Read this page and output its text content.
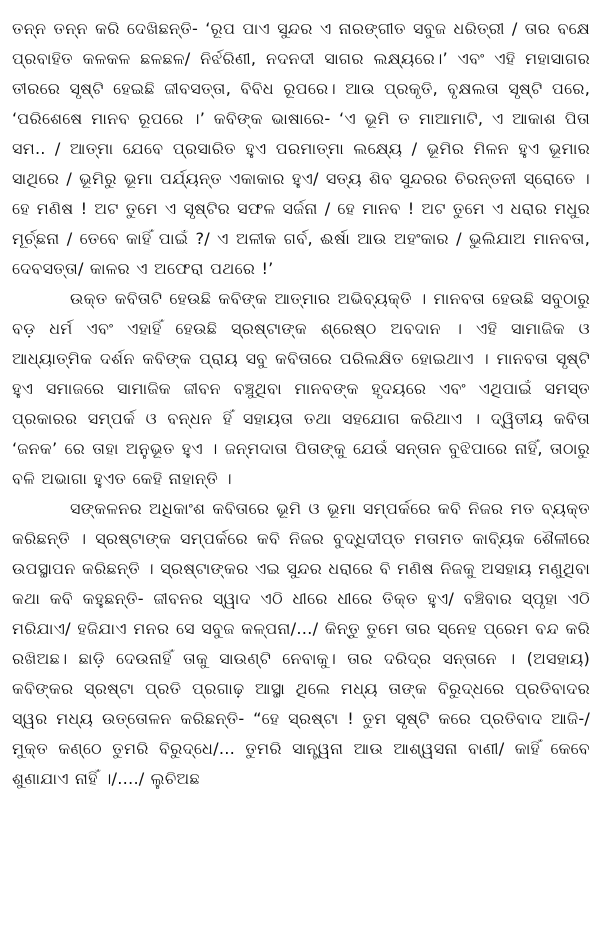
ତନ୍ନ ତନ୍ନ କରି ଦେଖିଛନ୍ତି- ‘ରୂପ ପାଏ ସୁନ୍ଦର ଏ ନାରଙ୍ଗୀତ ସବୁଜ ଧରିତ୍ରୀ / ତାର ବକ୍ଷେ ପ୍ରବାହିତ କଳକଳ ଛଳଛଳ/ ନିର୍ଝରିଣୀ, ନଦନଦୀ ସାଗର ଲକ୍ଷ୍ୟରେ।’ ଏବଂ ଏହି ମହାସାଗର ତୀରରେ ସୃଷ୍ଟି ହେଇଛି ଜୀବସତ୍ତା, ବିବିଧ ରୂପରେ। ଆଉ ପ୍ରକୃତି, ବୃକ୍ଷଲତା ସୃଷ୍ଟି ପରେ, ‘ପରିଶେଷେ ମାନବ ରୂପରେ ।’ କବିଙ୍କ ଭାଷାରେ- ‘ଏ ଭୂମି ତ ମାଆମାଟି, ଏ ଆକାଶ ପିତା ସମ.. / ଆତ୍ମା ଯେବେ ପ୍ରସାରିତ ହୁଏ ପରମାତ୍ମା ଲକ୍ଷ୍ୟେ / ଭୂମିର ମିଳନ ହୁଏ ଭୂମାର ସାଥିରେ / ଭୂମିରୁ ଭୂମା ପର୍ଯ୍ୟନ୍ତ ଏକାକାର ହୁଏ/ ସତ୍ୟ ଶିବ ସୁନ୍ଦରର ଚିରନ୍ତନୀ ସ୍ରୋତେ । ହେ ମଣିଷ ! ଅଟ ତୁମେ ଏ ସୃଷ୍ଟିର ସଫଳ ସର୍ଜନା / ହେ ମାନବ ! ଅଟ ତୁମେ ଏ ଧରାର ମଧୁର ମୂର୍ଚ୍ଛନା / ତେବେ କାହିଁ ପାଇଁ ?/ ଏ ଅଳୀକ ଗର୍ବ, ଈର୍ଷା ଆଉ ଅହଂକାର / ଭୁଲିଯାଅ ମାନବତା, ଦେବସତ୍ତା/ କାଳର ଏ ଅଫେରା ପଥରେ !’

ଉକ୍ତ କବିତାଟି ହେଉଛି କବିଙ୍କ ଆତ୍ମାର ଅଭିବ୍ୟକ୍ତି । ମାନବତା ହେଉଛି ସବୁଠାରୁ ବଡ଼ ଧର୍ମ ଏବଂ ଏହାହିଁ ହେଉଛି ସ୍ରଷ୍ଟାଙ୍କ ଶ୍ରେଷ୍ଠ ଅବଦାନ । ଏହି ସାମାଜିକ ଓ ଆଧ୍ୟାତ୍ମିକ ଦର୍ଶନ କବିଙ୍କ ପ୍ରାୟ ସବୁ କବିତାରେ ପରିଲକ୍ଷିତ ହୋଇଥାଏ । ମାନବତା ସୃଷ୍ଟି ହୁଏ ସମାଜରେ ସାମାଜିକ ଜୀବନ ବଞ୍ଚୁଥିବା ମାନବଙ୍କ ହୃଦୟରେ ଏବଂ ଏଥିପାଇଁ ସମସ୍ତ ପ୍ରକାରର ସମ୍ପର୍କ ଓ ବନ୍ଧନ ହିଁ ସହାୟତା ତଥା ସହଯୋଗ କରିଥାଏ । ଦ୍ୱିତୀୟ କବିତା ‘ଜନକ’ ରେ ତାହା ଅନୁଭୂତ ହୁଏ । ଜନ୍ମଦାତା ପିତାଙ୍କୁ ଯେଉଁ ସନ୍ତାନ ବୁଝିପାରେ ନାହିଁ, ତାଠାରୁ ବଳି ଅଭାଗା ହୁଏତ କେହି ନାହାନ୍ତି ।

ସଙ୍କଳନର ଅଧିକାଂଶ କବିତାରେ ଭୂମି ଓ ଭୂମା ସମ୍ପର୍କରେ କବି ନିଜର ମତ ବ୍ୟକ୍ତ କରିଛନ୍ତି । ସ୍ରଷ୍ଟାଙ୍କ ସମ୍ପର୍କରେ କବି ନିଜର ବୁଦ୍ଧିଦୀପ୍ତ ମତାମତ କାବ୍ୟିକ ଶୈଳୀରେ ଉପସ୍ଥାପନ କରିଛନ୍ତି । ସ୍ରଷ୍ଟାଙ୍କର ଏଇ ସୁନ୍ଦର ଧରାରେ ବି ମଣିଷ ନିଜକୁ ଅସହାୟ ମଣୁଥିବା କଥା କବି କହୁଛନ୍ତି- ଜୀବନର ସ୍ୱାଦ ଏଠି ଧୀରେ ଧୀରେ ତିକ୍ତ ହୁଏ/ ବଞ୍ଚିବାର ସ୍ପୃହା ଏଠି ମରିଯାଏ/ ହଜିଯାଏ ମନର ସେ ସବୁଜ କଳ୍ପନା/…/ କିନ୍ତୁ ତୁମେ ତାର ସ୍ନେହ ପ୍ରେମ ବନ୍ଦ କରି ରଖିଅଛ। ଛାଡ଼ି ଦେଉନାହିଁ ତାକୁ ସାଉଣ୍ଟି ନେବାକୁ। ତାର ଦରିଦ୍ର ସନ୍ତାନେ । (ଅସହାୟ) କବିଙ୍କର ସ୍ରଷ୍ଟା ପ୍ରତି ପ୍ରଗାଢ଼ ଆସ୍ଥା ଥିଲେ ମଧ୍ୟ ତାଙ୍କ ବିରୁଦ୍ଧରେ ପ୍ରତିବାଦର ସ୍ୱର ମଧ୍ୟ ଉତ୍ତୋଳନ କରିଛନ୍ତି- “ହେ ସ୍ରଷ୍ଟା ! ତୁମ ସୃଷ୍ଟି କରେ ପ୍ରତିବାଦ ଆଜି-/ ମୁକ୍ତ କଣ୍ଠେ ତୁମରି ବିରୁଦ୍ଧେ/… ତୁମରି ସାନ୍ତ୍ୱନା ଆଉ ଆଶ୍ୱସନା ବାଣୀ/ କାହିଁ କେବେ ଶୁଣାଯାଏ ନାହିଁ ।/…./ ଲୁଚିଅଛ
